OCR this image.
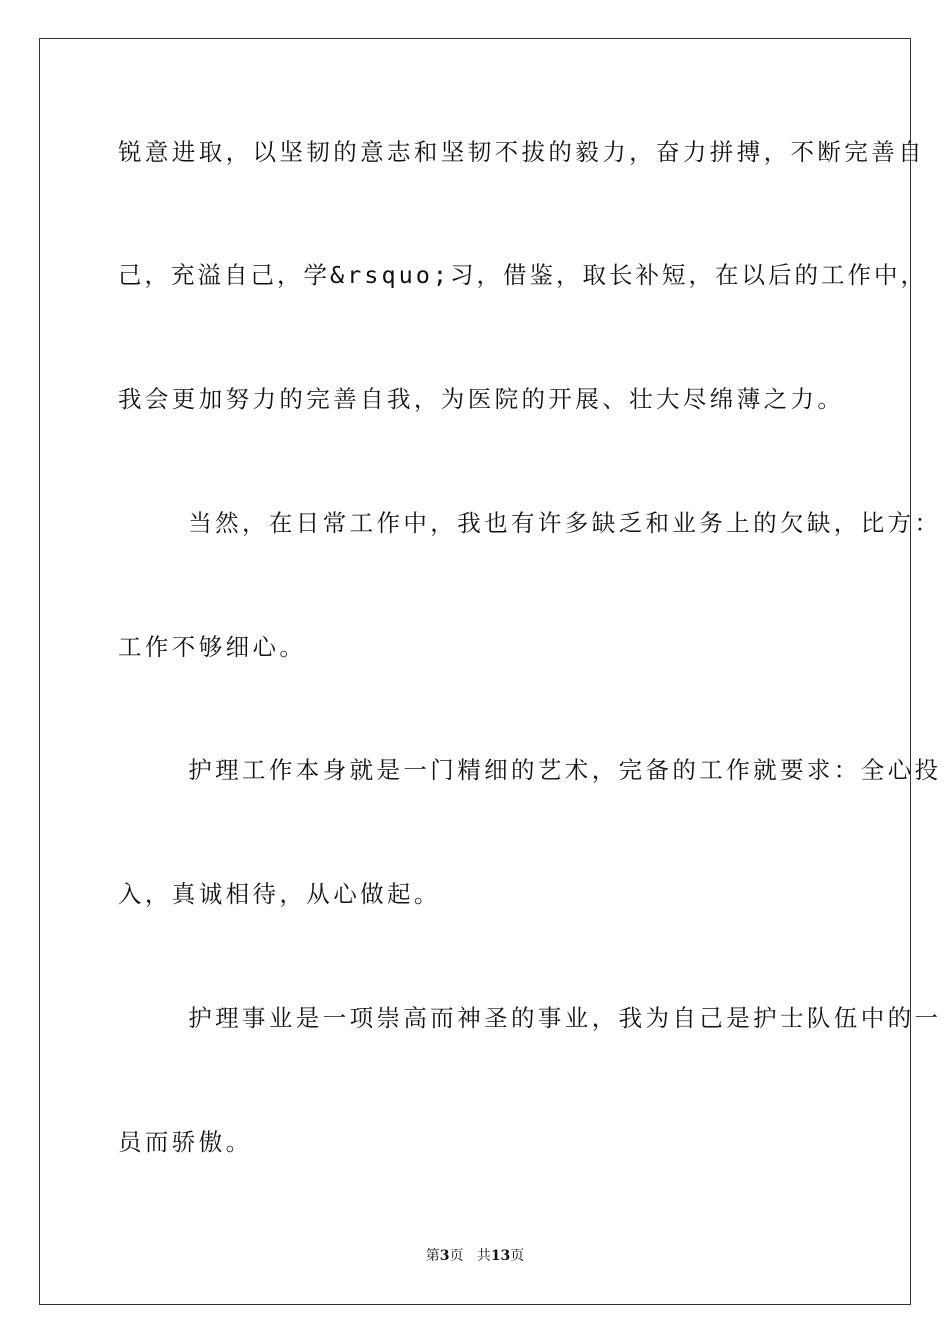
锐意进取，以坚韧的意志和坚韧不拔的毅力，奋力拼搏，不断完善自
己，充溢自己，学&rsquo;习，借鉴，取长补短，在以后的工作中，
我会更加努力的完善自我，为医院的开展、壮大尽绵薄之力。
当然，在日常工作中，我也有许多缺乏和业务上的欠缺，比方：
工作不够细心。
护理工作本身就是一门精细的艺术，完备的工作就要求：全心投
入，真诚相待，从心做起。
护理事业是一项崇高而神圣的事业，我为自己是护士队伍中的一
员而骄傲。
第3页 共13页
